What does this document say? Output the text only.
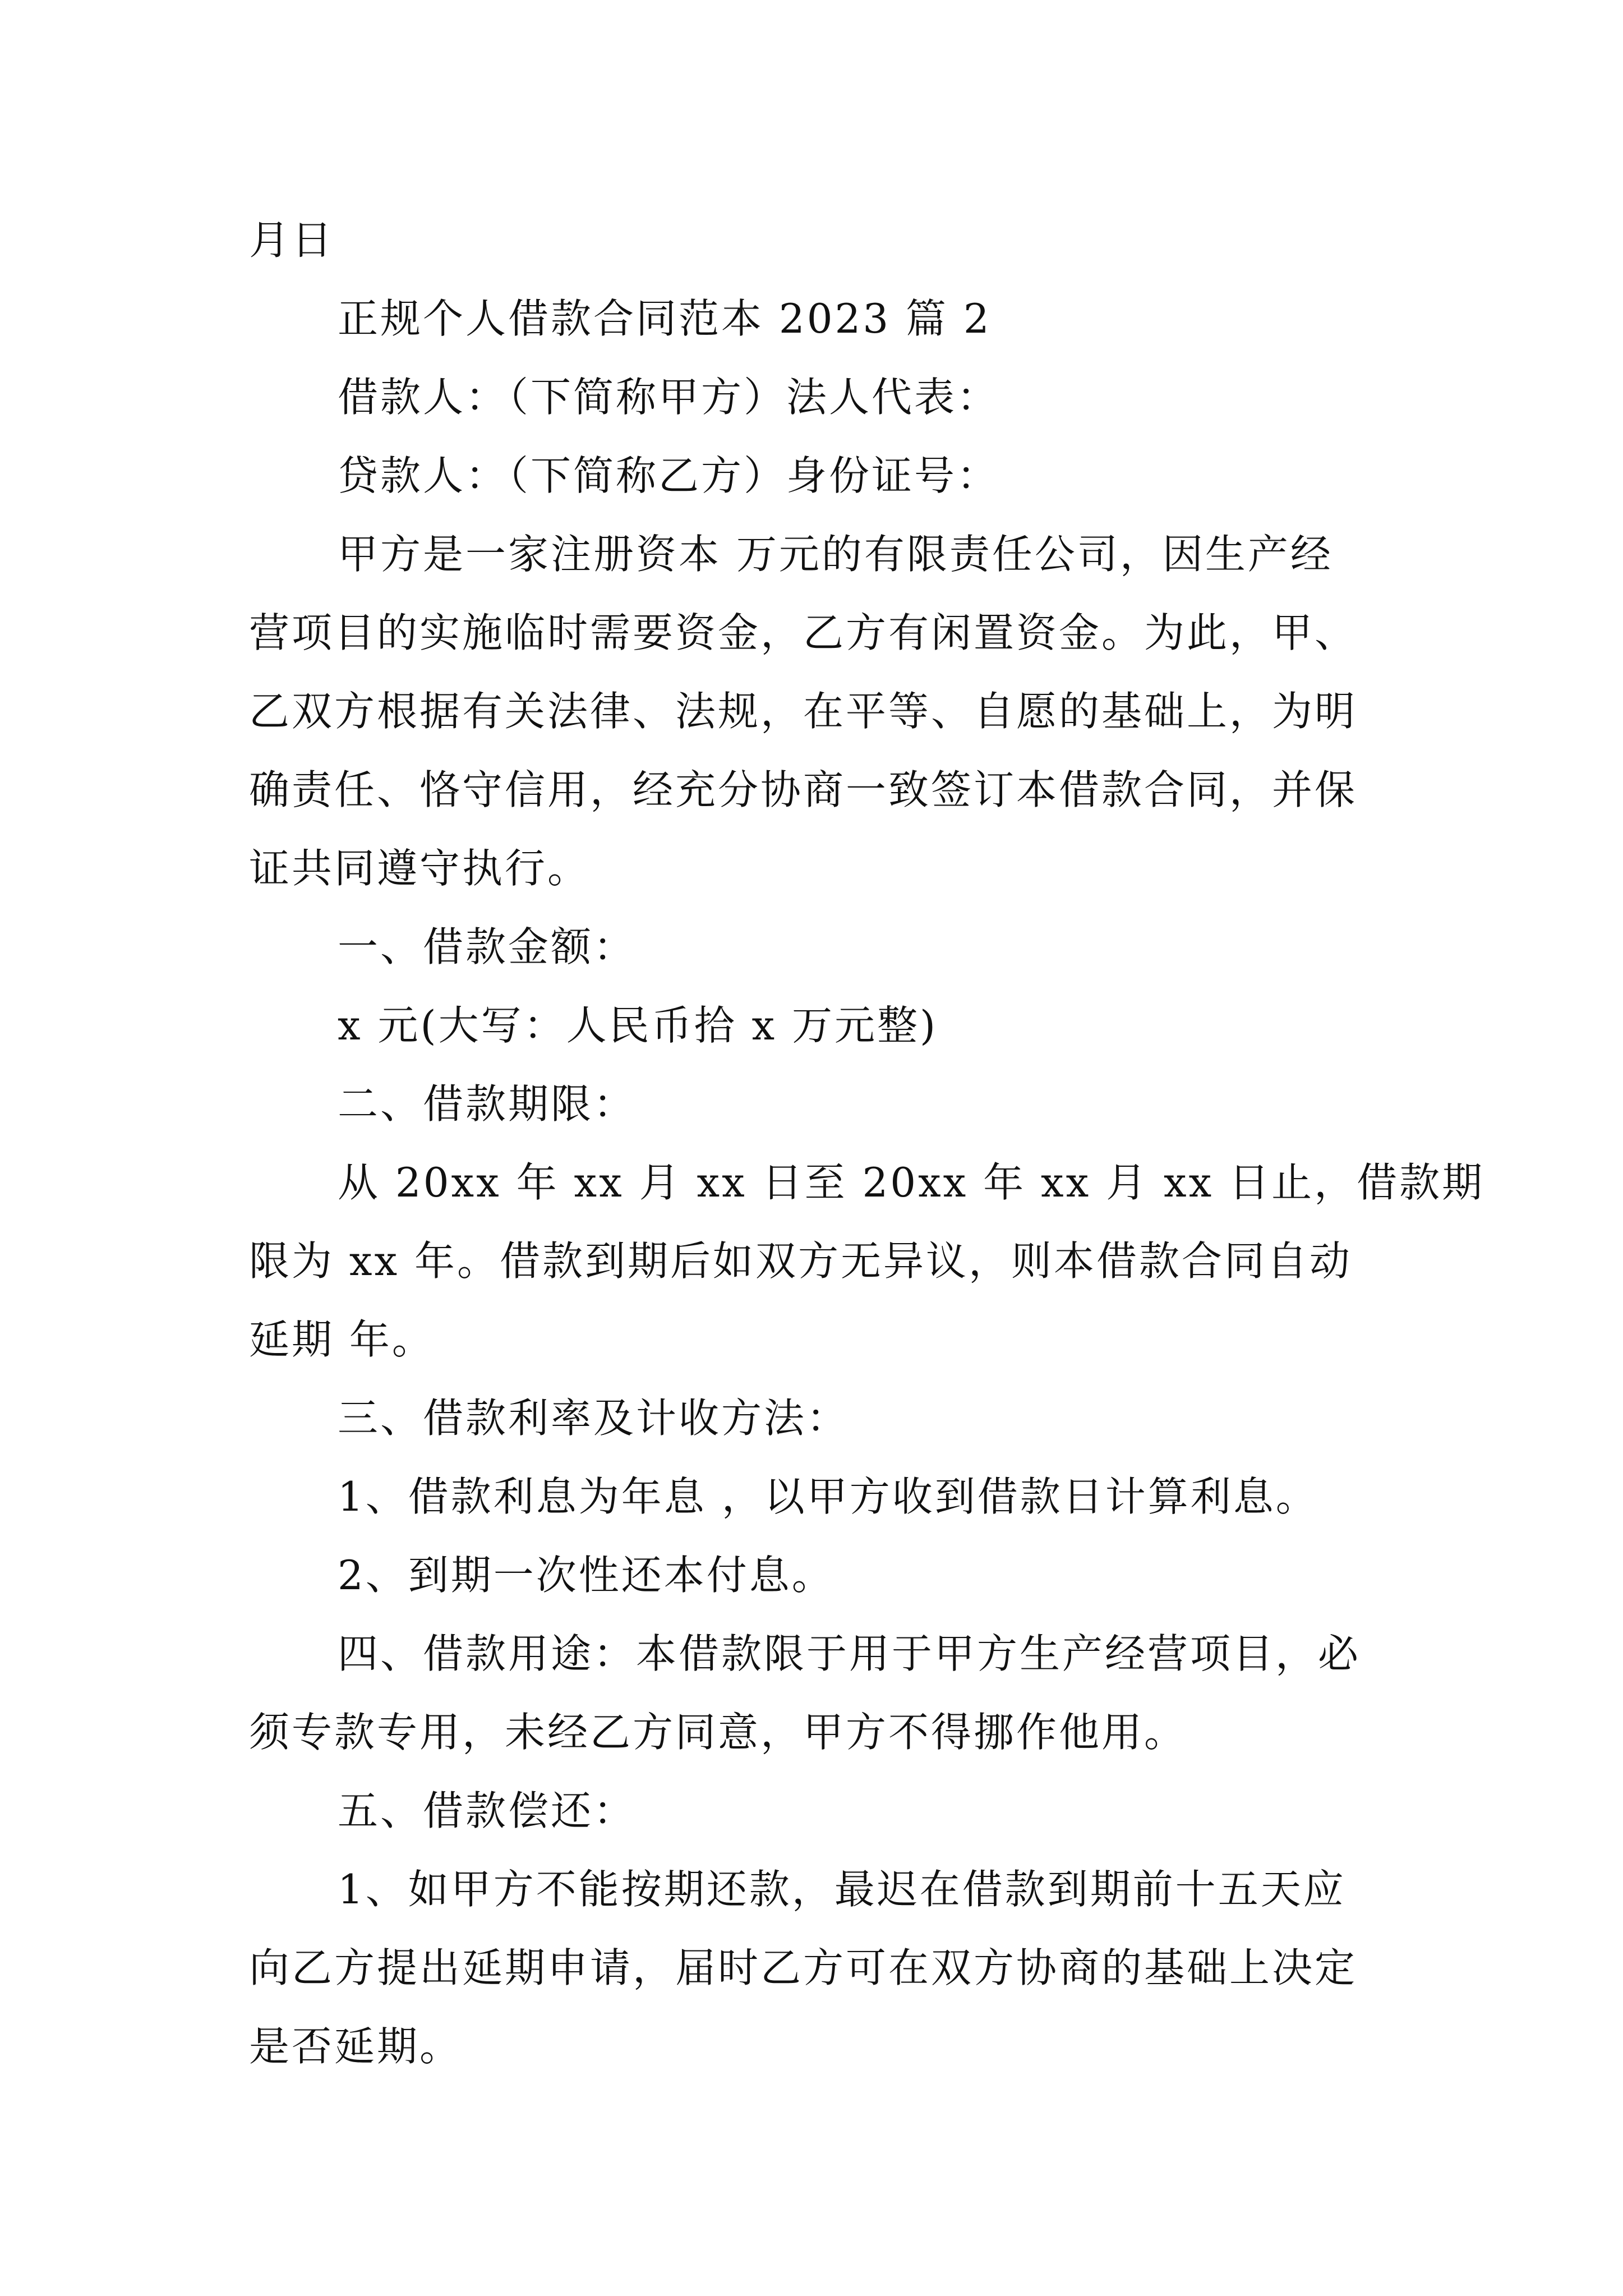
月日
正规个人借款合同范本 2023 篇 2
借款人：（下简称甲方）法人代表：
贷款人：（下简称乙方）身份证号：
甲方是一家注册资本 万元的有限责任公司，因生产经
营项目的实施临时需要资金，乙方有闲置资金。为此，甲、
乙双方根据有关法律、法规，在平等、自愿的基础上，为明
确责任、恪守信用，经充分协商一致签订本借款合同，并保
证共同遵守执行。
一、借款金额：
x 元(大写：人民币拾 x 万元整)
二、借款期限：
从 20xx 年 xx 月 xx 日至 20xx 年 xx 月 xx 日止，借款期
限为 xx 年。借款到期后如双方无异议，则本借款合同自动
延期 年。
三、借款利率及计收方法：
1、借款利息为年息 ，以甲方收到借款日计算利息。
2、到期一次性还本付息。
四、借款用途：本借款限于用于甲方生产经营项目，必
须专款专用，未经乙方同意，甲方不得挪作他用。
五、借款偿还：
1、如甲方不能按期还款，最迟在借款到期前十五天应
向乙方提出延期申请，届时乙方可在双方协商的基础上决定
是否延期。
